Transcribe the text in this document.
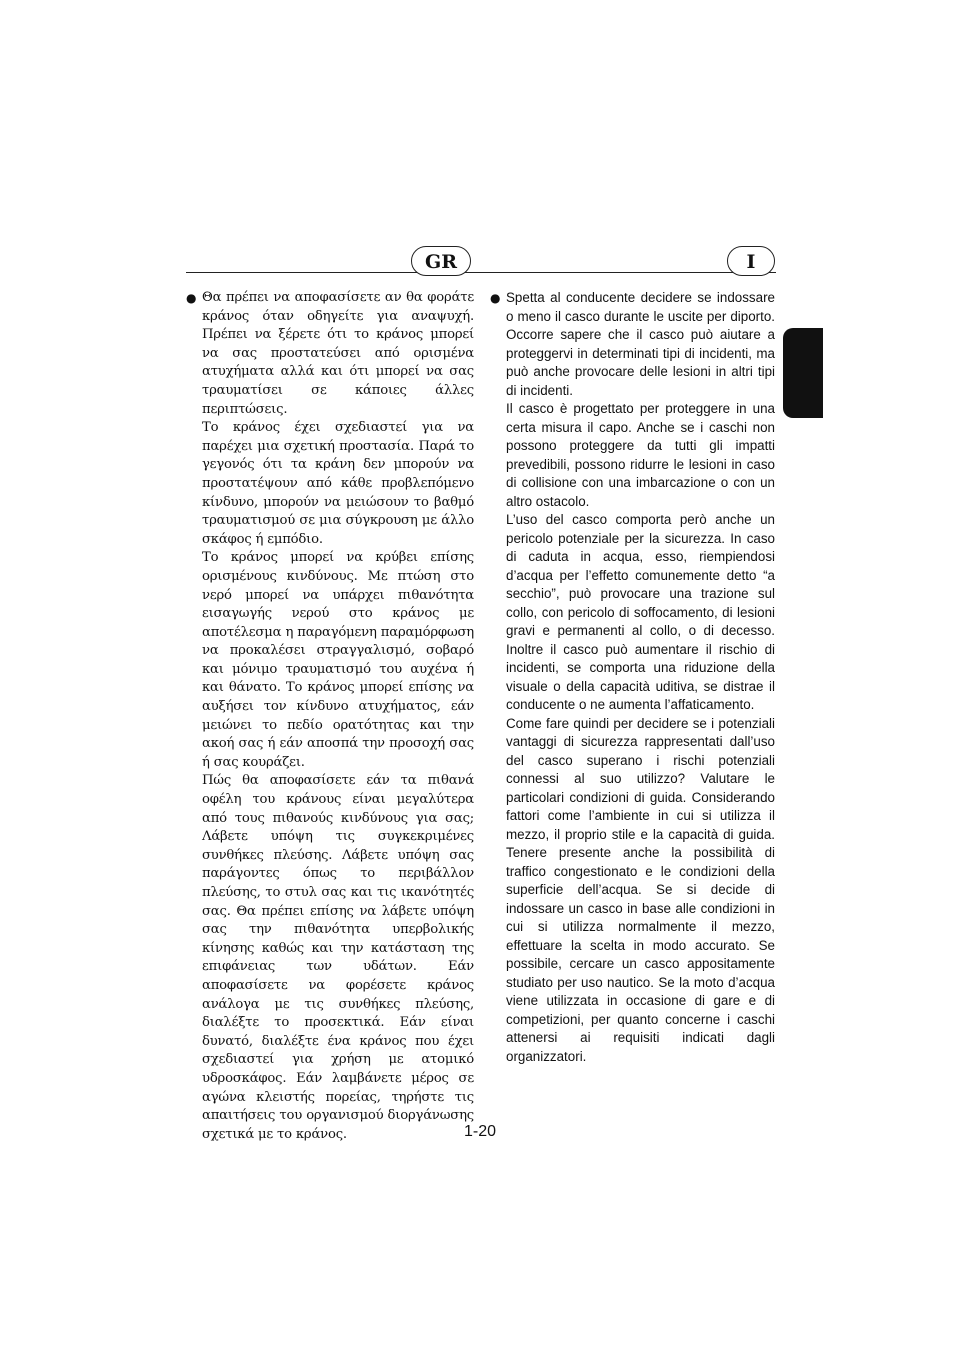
GR	I
● Θα πρέπει να αποφασίσετε αν θα φοράτε κράνος όταν οδηγείτε για αναψυχή. Πρέπει να ξέρετε ότι το κράνος μπορεί να σας προστατεύσει από ορισμένα ατυχήματα αλλά και ότι μπορεί να σας τραυματίσει σε κάποιες άλλες περιπτώσεις.

Το κράνος έχει σχεδιαστεί για να παρέχει μια σχετική προστασία. Παρά το γεγονός ότι τα κράνη δεν μπορούν να προστατέψουν από κάθε προβλεπόμενο κίνδυνο, μπορούν να μειώσουν το βαθμό τραυματισμού σε μια σύγκρουση με άλλο σκάφος ή εμπόδιο.

Το κράνος μπορεί να κρύβει επίσης ορισμένους κινδύνους. Με πτώση στο νερό μπορεί να υπάρχει πιθανότητα εισαγωγής νερού στο κράνος με αποτέλεσμα η παραγόμενη παραμόρφωση να προκαλέσει στραγγαλισμό, σοβαρό και μόνιμο τραυματισμό του αυχένα ή και θάνατο. Το κράνος μπορεί επίσης να αυξήσει τον κίνδυνο ατυχήματος, εάν μειώνει το πεδίο ορατότητας και την ακοή σας ή εάν αποσπά την προσοχή σας ή σας κουράζει.

Πώς θα αποφασίσετε εάν τα πιθανά οφέλη του κράνους είναι μεγαλύτερα από τους πιθανούς κινδύνους για σας; Λάβετε υπόψη τις συγκεκριμένες συνθήκες πλεύσης. Λάβετε υπόψη σας παράγοντες όπως το περιβάλλον πλεύσης, το στυλ σας και τις ικανότητές σας. Θα πρέπει επίσης να λάβετε υπόψη σας την πιθανότητα υπερβολικής κίνησης καθώς και την κατάσταση της επιφάνειας των υδάτων. Εάν αποφασίσετε να φορέσετε κράνος ανάλογα με τις συνθήκες πλεύσης, διαλέξτε το προσεκτικά. Εάν είναι δυνατό, διαλέξτε ένα κράνος που έχει σχεδιαστεί για χρήση με ατομικό υδροσκάφος. Εάν λαμβάνετε μέρος σε αγώνα κλειστής πορείας, τηρήστε τις απαιτήσεις του οργανισμού διοργάνωσης σχετικά με το κράνος.

● Spetta al conducente decidere se indossare o meno il casco durante le uscite per diporto. Occorre sapere che il casco può aiutare a proteggervi in determinati tipi di incidenti, ma può anche provocare delle lesioni in altri tipi di incidenti.

Il casco è progettato per proteggere in una certa misura il capo. Anche se i caschi non possono proteggere da tutti gli impatti prevedibili, possono ridurre le lesioni in caso di collisione con una imbarcazione o con un altro ostacolo.

L’uso del casco comporta però anche un pericolo potenziale per la sicurezza. In caso di caduta in acqua, esso, riempiendosi d’acqua per l’effetto comunemente detto “a secchio”, può provocare una trazione sul collo, con pericolo di soffocamento, di lesioni gravi e permanenti al collo, o di decesso. Inoltre il casco può aumentare il rischio di incidenti, se comporta una riduzione della visuale o della capacità uditiva, se distrae il conducente o ne aumenta l’affaticamento.

Come fare quindi per decidere se i potenziali vantaggi di sicurezza rappresentati dall’uso del casco superano i rischi potenziali connessi al suo utilizzo? Valutare le particolari condizioni di guida. Considerando fattori come l’ambiente in cui si utilizza il mezzo, il proprio stile e la capacità di guida. Tenere presente anche la possibilità di traffico congestionato e le condizioni della superficie dell’acqua. Se si decide di indossare un casco in base alle condizioni in cui si utilizza normalmente il mezzo, effettuare la scelta in modo accurato. Se possibile, cercare un casco appositamente studiato per uso nautico. Se la moto d’acqua viene utilizzata in occasione di gare e di competizioni, per quanto concerne i caschi attenersi ai requisiti indicati dagli organizzatori.

1-20
